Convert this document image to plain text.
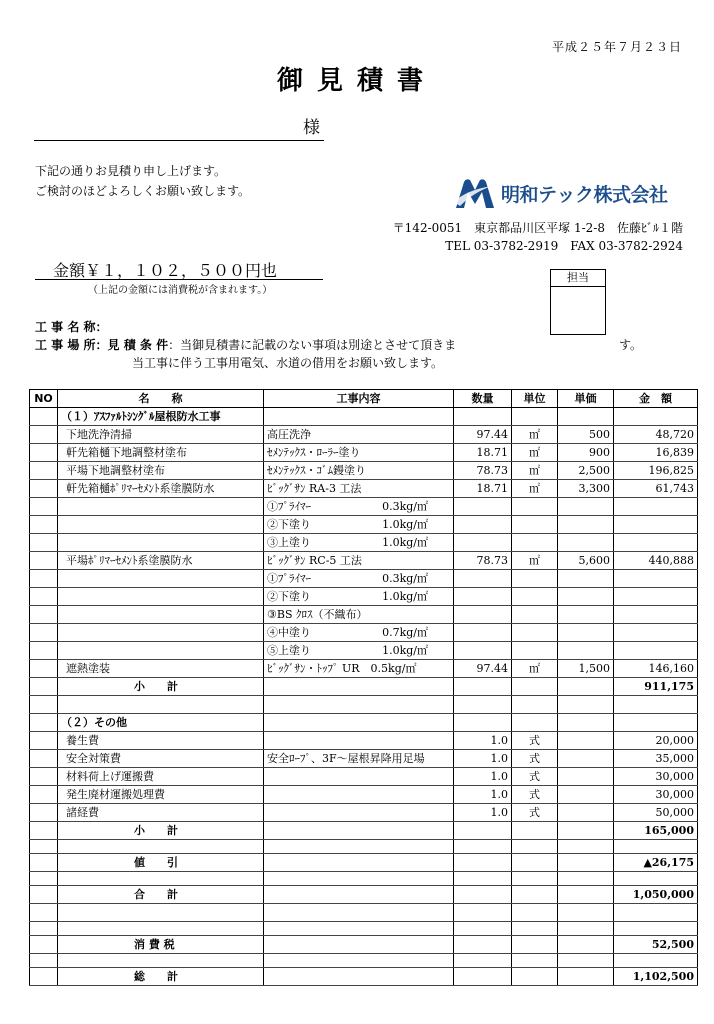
平成２５年７月２３日
御見積書
様
下記の通りお見積り申し上げます。
ご検討のほどよろしくお願い致します。	明和テック株式会社
〒142-0051　東京都品川区平塚 1-2-8　佐藤ﾋﾞﾙ１階
TEL 03-3782-2919　FAX 03-3782-2924
金額￥１，１０２，５００円也
（上記の金額には消費税が含まれます。）
担当
工 事 名 称：
工 事 場 所：見 積 条 件：当御見積書に記載のない事項は別途とさせて頂きま	す。
当工事に伴う工事用電気、水道の借用をお願い致します。
NO	名　　称	工事内容	数量	単位	単価	金　額
	（１）ｱｽﾌｧﾙﾄｼﾝｸﾞﾙ屋根防水工事					
	下地洗浄清掃	高圧洗浄	97.44	㎡	500	48,720
	軒先箱樋下地調整材塗布	ｾﾒﾝﾃｯｸｽ・ﾛｰﾗｰ塗り	18.71	㎡	900	16,839
	平場下地調整材塗布	ｾﾒﾝﾃｯｸｽ・ｺﾞﾑ鏝塗り	78.73	㎡	2,500	196,825
	軒先箱樋ﾎﾟﾘﾏｰｾﾒﾝﾄ系塗膜防水	ﾋﾞｯｸﾞｻﾝ RA-3 工法	18.71	㎡	3,300	61,743

		①ﾌﾟﾗｲﾏｰ 0.3kg/㎡				

		②下塗り 1.0kg/㎡				

		③上塗り 1.0kg/㎡				

	平場ﾎﾟﾘﾏｰｾﾒﾝﾄ系塗膜防水	ﾋﾞｯｸﾞｻﾝ RC-5 工法	78.73	㎡	5,600	440,888

		①ﾌﾟﾗｲﾏｰ 0.3kg/㎡				

		②下塗り 1.0kg/㎡				

		③BS ｸﾛｽ（不織布）				

		④中塗り 0.7kg/㎡				

		⑤上塗り 1.0kg/㎡				

	遮熱塗装	ﾋﾞｯｸﾞｻﾝ・ﾄｯﾌﾟ UR　0.5kg/㎡	97.44	㎡	1,500	146,160
	小　　計					911,175

	（２）その他					
	養生費		1.0	式		20,000
	安全対策費	安全ﾛｰﾌﾟ、3F～屋根昇降用足場	1.0	式		35,000
	材料荷上げ運搬費		1.0	式		30,000
	発生廃材運搬処理費		1.0	式		30,000
	諸経費		1.0	式		50,000
	小　　計					165,000

	値　　引					▲26,175

	合　　計					1,050,000

	消 費 税					52,500

	総　　計					1,102,500
